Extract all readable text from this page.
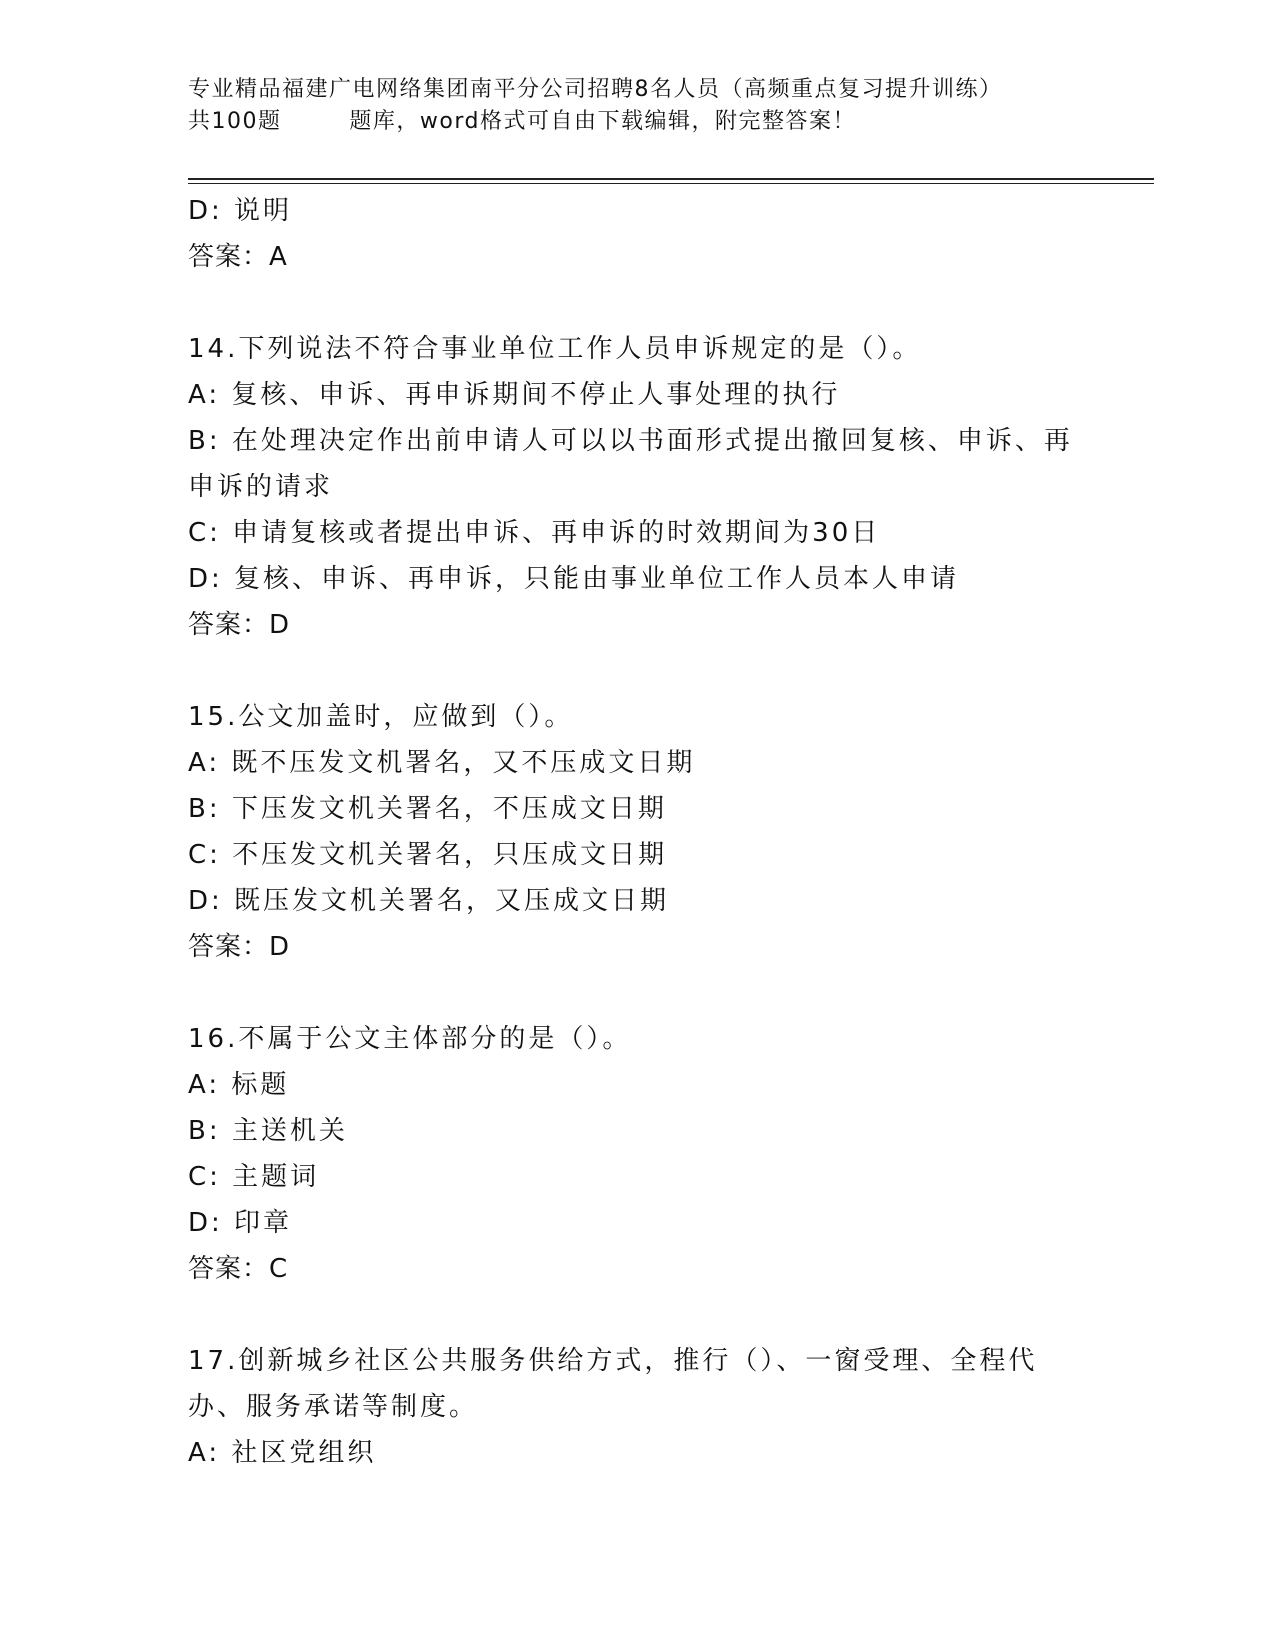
专业精品福建广电网络集团南平分公司招聘8名人员（高频重点复习提升训练）
共100题        题库，word格式可自由下载编辑，附完整答案！

D: 说明

答案：A

14.下列说法不符合事业单位工作人员申诉规定的是（）。

A: 复核、申诉、再申诉期间不停止人事处理的执行

B: 在处理决定作出前申请人可以以书面形式提出撤回复核、申诉、再申诉的请求

C: 申请复核或者提出申诉、再申诉的时效期间为30日

D: 复核、申诉、再申诉，只能由事业单位工作人员本人申请

答案：D

15.公文加盖时，应做到（）。

A: 既不压发文机署名，又不压成文日期

B: 下压发文机关署名，不压成文日期

C: 不压发文机关署名，只压成文日期

D: 既压发文机关署名，又压成文日期

答案：D

16.不属于公文主体部分的是（）。

A: 标题

B: 主送机关

C: 主题词

D: 印章

答案：C

17.创新城乡社区公共服务供给方式，推行（）、一窗受理、全程代办、服务承诺等制度。

A: 社区党组织
